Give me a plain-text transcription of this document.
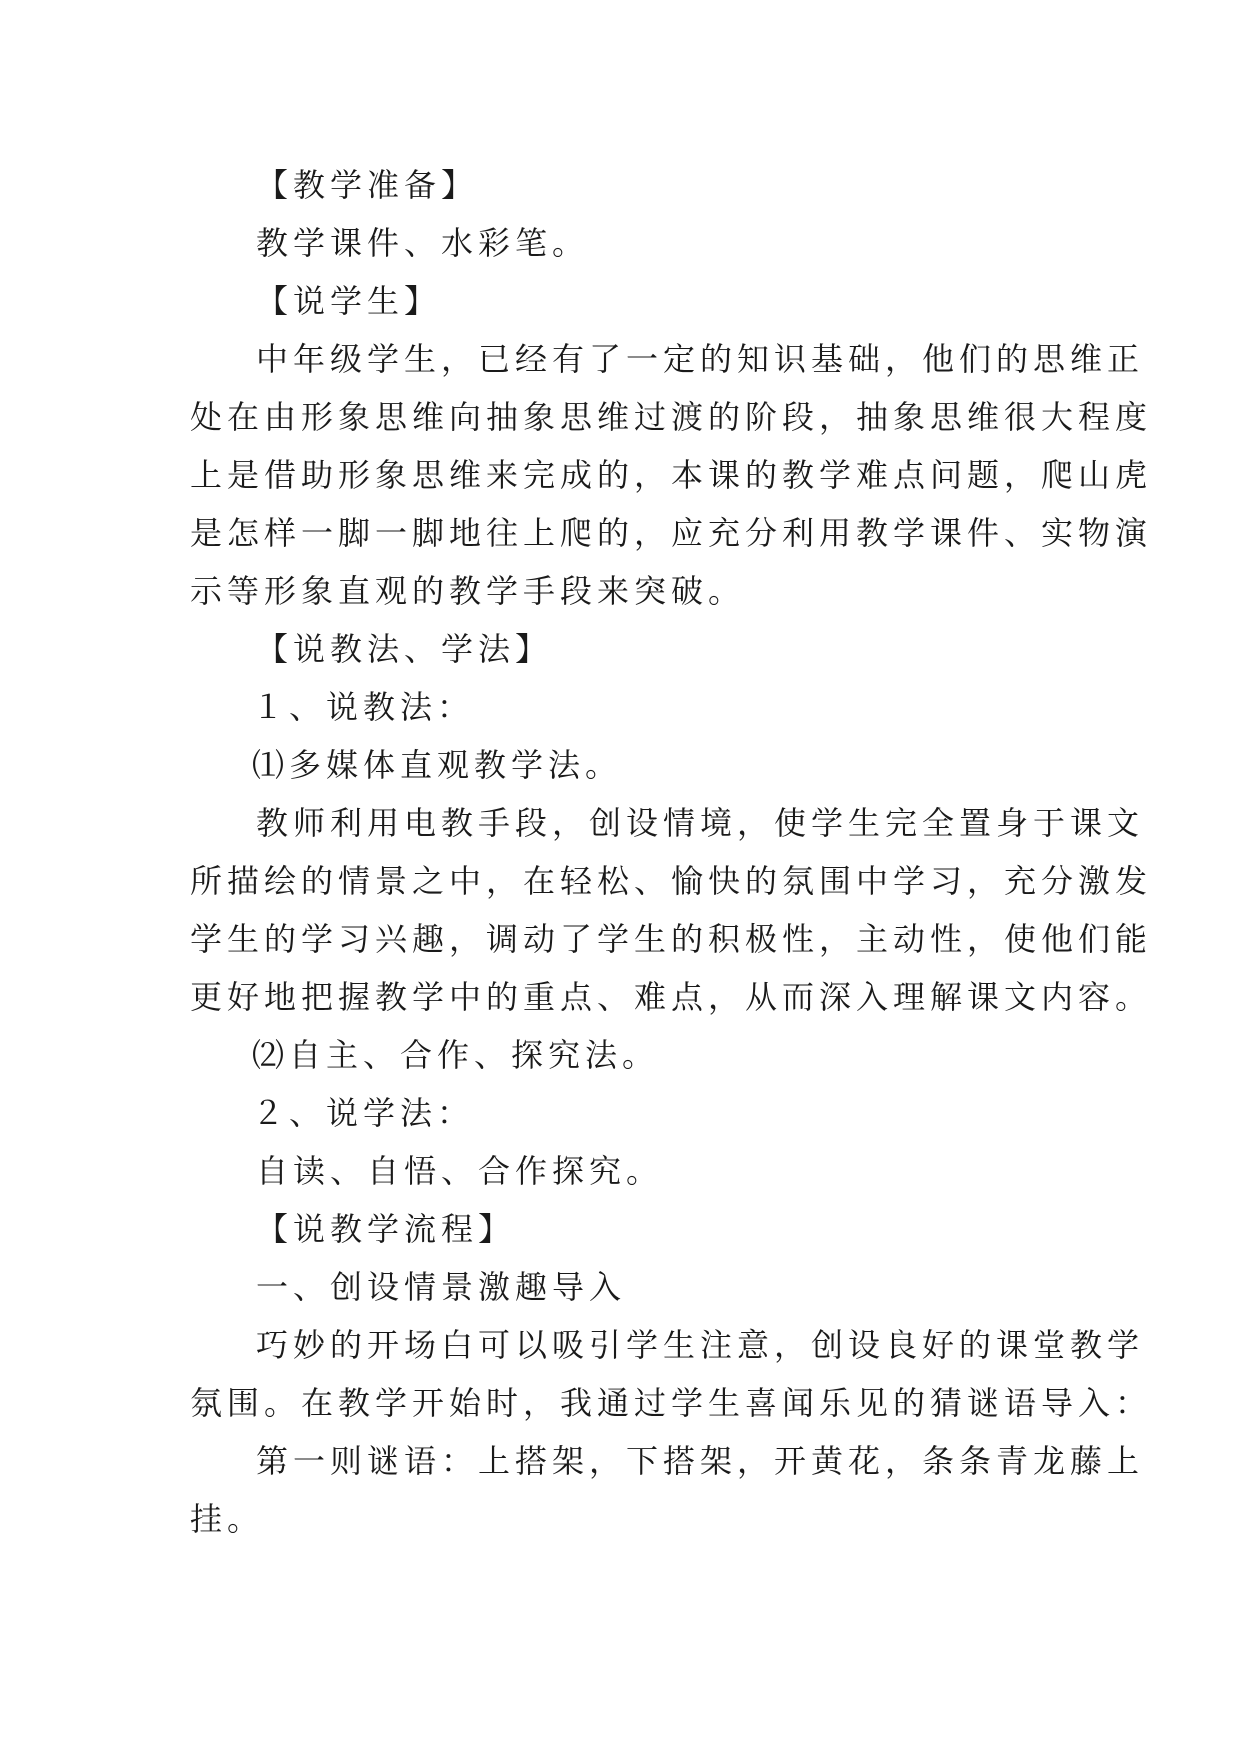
【教学准备】
教学课件、水彩笔。
【说学生】
中年级学生，已经有了一定的知识基础，他们的思维正
处在由形象思维向抽象思维过渡的阶段，抽象思维很大程度
上是借助形象思维来完成的，本课的教学难点问题，爬山虎
是怎样一脚一脚地往上爬的，应充分利用教学课件、实物演
示等形象直观的教学手段来突破。
【说教法、学法】
１、说教法：
⑴多媒体直观教学法。
教师利用电教手段，创设情境，使学生完全置身于课文
所描绘的情景之中，在轻松、愉快的氛围中学习，充分激发
学生的学习兴趣，调动了学生的积极性，主动性，使他们能
更好地把握教学中的重点、难点，从而深入理解课文内容。
⑵自主、合作、探究法。
２、说学法：
自读、自悟、合作探究。
【说教学流程】
一、创设情景激趣导入
巧妙的开场白可以吸引学生注意，创设良好的课堂教学
氛围。在教学开始时，我通过学生喜闻乐见的猜谜语导入：
第一则谜语：上搭架，下搭架，开黄花，条条青龙藤上
挂。
